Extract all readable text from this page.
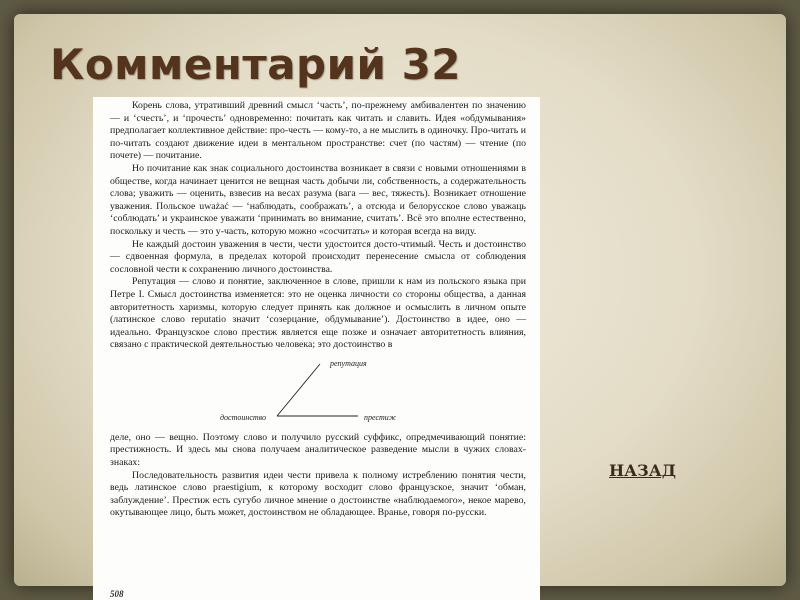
Комментарий 32

Корень слова, утративший древний смысл ‘часть’, по-прежнему амбивалентен по значению — и ‘счесть’, и ‘прочесть’ одновременно: почитать как читать и славить. Идея «обдумывания» предполагает коллективное действие: про-честь — кому-то, а не мыслить в одиночку. Про-читать и по-читать создают движение идеи в ментальном пространстве: счет (по частям) — чтение (по почете) — почитание.

Но почитание как знак социального достоинства возникает в связи с новыми отношениями в обществе, когда начинает ценится не вещная часть добычи ли, собственность, а содержательность слова; уважить — оценить, взвесив на весах разума (вага — вес, тяжесть). Возникает отношение уважения. Польское uważać — ‘наблюдать, соображать’, а отсюда и белорусское слово уважаць ‘соблюдать’ и украинское уважати ‘принимать во внимание, считать’. Всё это вполне естественно, поскольку и честь — это у-часть, которую можно «сосчитать» и которая всегда на виду.

Не каждый достоин уважения в чести, чести удостоится досто-чтимый. Честь и достоинство — сдвоенная формула, в пределах которой происходит перенесение смысла от соблюдения сословной чести к сохранению личного достоинства.

Репутация — слово и понятие, заключенное в слове, пришли к нам из польского языка при Петре I. Смысл достоинства изменяется: это не оценка личности со стороны общества, а данная авторитетность харизмы, которую следует принять как должное и осмыслить в личном опыте (латинское слово reputatio значит ‘созерцание, обдумывание’). Достоинство в идее, оно — идеально. Французское слово престиж является еще позже и означает авторитетность влияния, связано с практической деятельностью человека; это достоинство в

репутация
достоинство	престиж

деле, оно — вещно. Поэтому слово и получило русский суффикс, опредмечивающий понятие: престижность. И здесь мы снова получаем аналитическое разведение мысли в чужих словах-знаках:

Последовательность развития идеи чести привела к полному истреблению понятия чести, ведь латинское слово praestigium, к которому восходит слово французское, значит ‘обман, заблуждение’. Престиж есть сугубо личное мнение о достоинстве «наблюдаемого», некое марево, окутывающее лицо, быть может, достоинством не обладающее. Вранье, говоря по-русски.

508
НАЗАД
